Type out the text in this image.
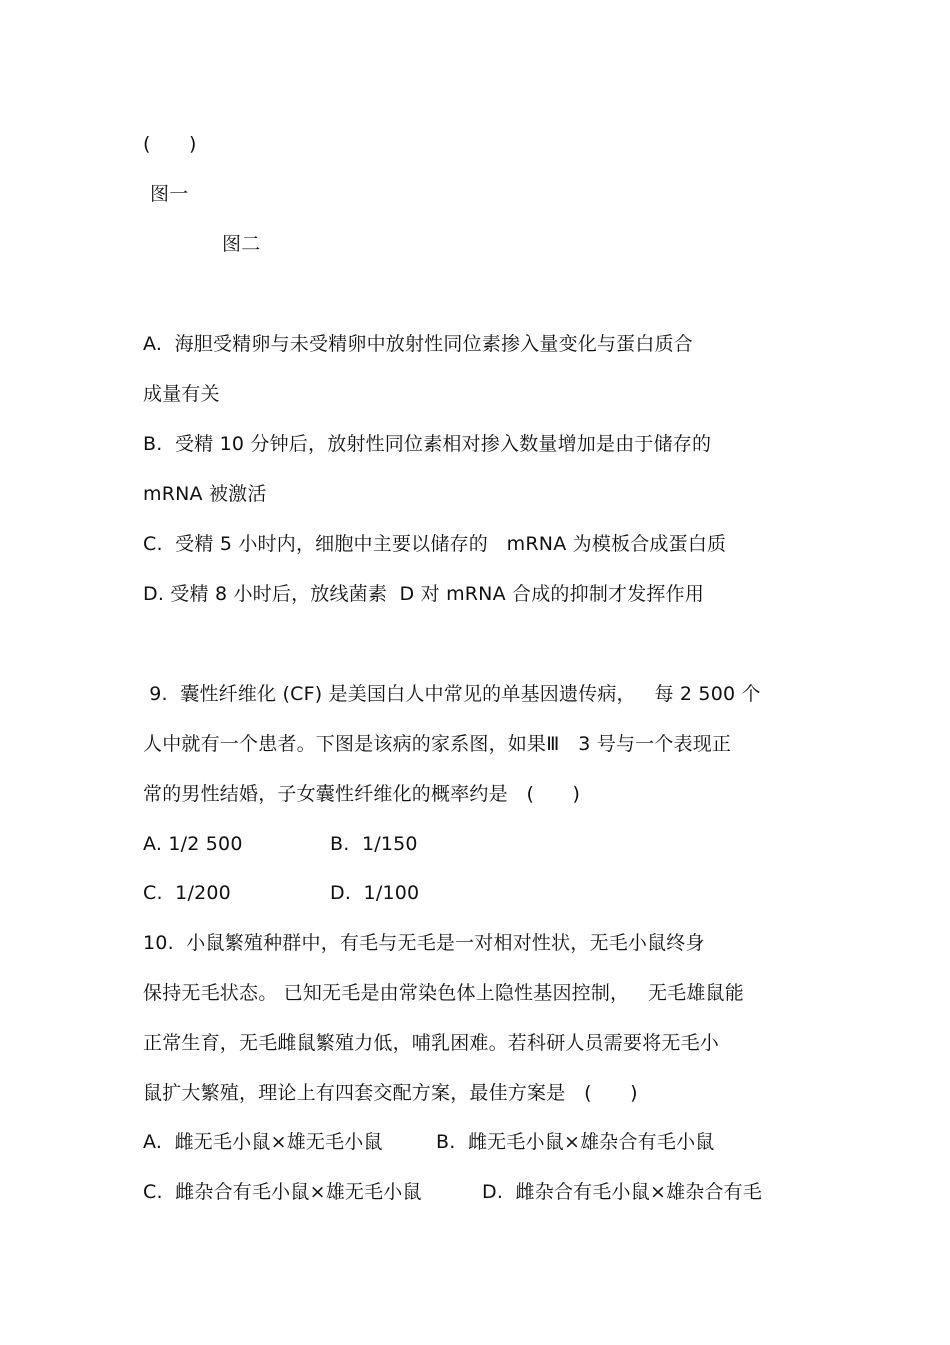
(　　)
图一
图二
A.  海胆受精卵与未受精卵中放射性同位素掺入量变化与蛋白质合
成量有关
B.  受精 10 分钟后，放射性同位素相对掺入数量增加是由于储存的
mRNA 被激活
C.  受精 5 小时内，细胞中主要以储存的   mRNA 为模板合成蛋白质
D. 受精 8 小时后，放线菌素  D 对 mRNA 合成的抑制才发挥作用
9.  囊性纤维化 (CF) 是美国白人中常见的单基因遗传病，   每 2 500 个
人中就有一个患者。下图是该病的家系图，如果Ⅲ   3 号与一个表现正
常的男性结婚，子女囊性纤维化的概率约是   (　　)
A. 1/2 500	B.  1/150
C.  1/200	D.  1/100
10.  小鼠繁殖种群中，有毛与无毛是一对相对性状，无毛小鼠终身
保持无毛状态。 已知无毛是由常染色体上隐性基因控制，   无毛雄鼠能
正常生育，无毛雌鼠繁殖力低，哺乳困难。若科研人员需要将无毛小
鼠扩大繁殖，理论上有四套交配方案，最佳方案是   (　　)
A.  雌无毛小鼠×雄无毛小鼠	B.  雌无毛小鼠×雄杂合有毛小鼠
C.  雌杂合有毛小鼠×雄无毛小鼠	D.  雌杂合有毛小鼠×雄杂合有毛
